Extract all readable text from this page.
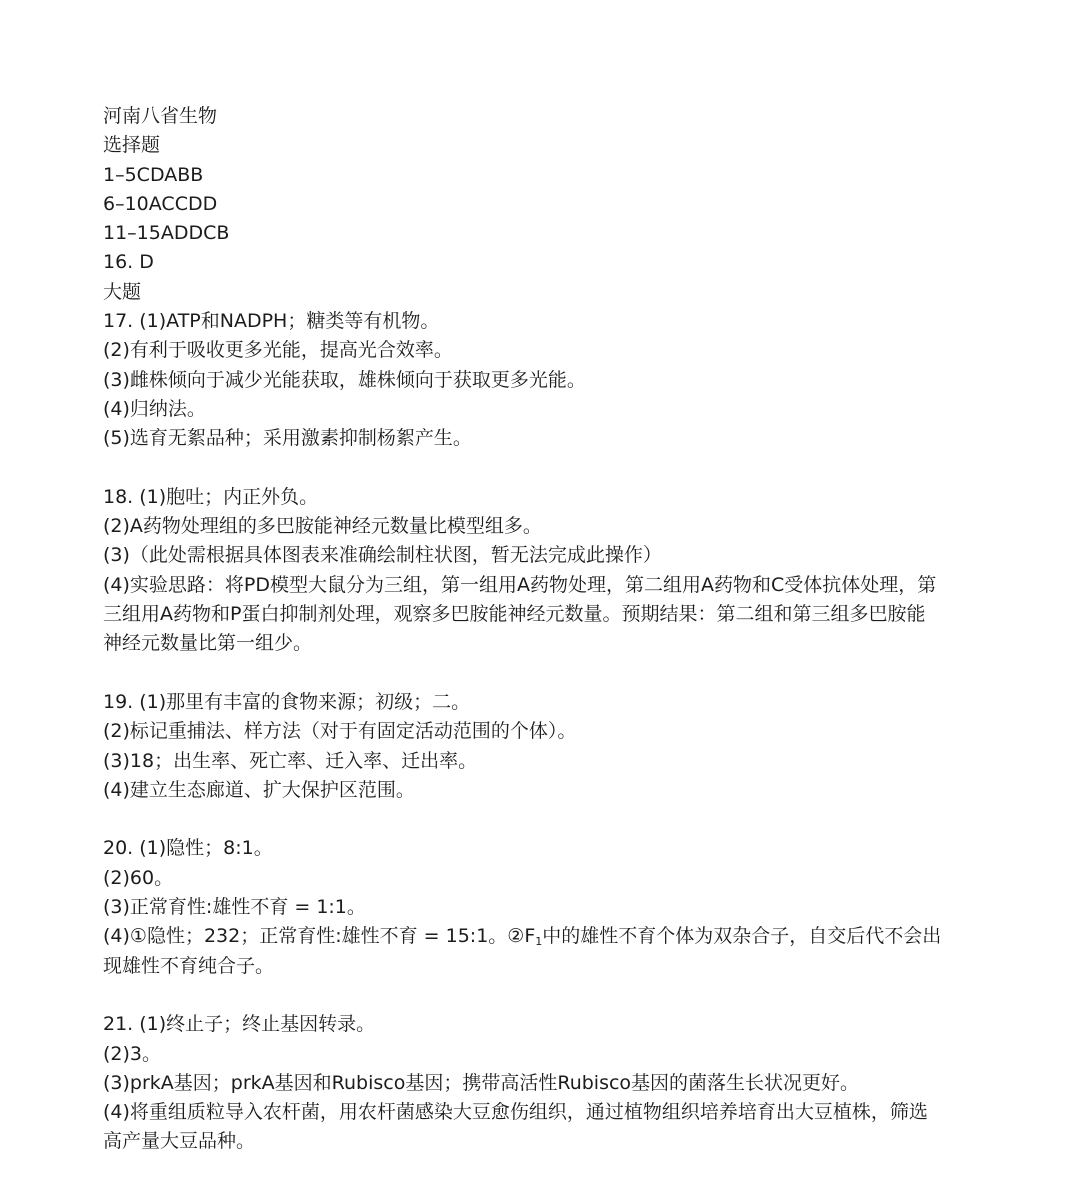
河南八省生物
选择题
1–5CDABB
6–10ACCDD
11–15ADDCB
16. D
大题
17. (1)ATP和NADPH；糖类等有机物。
(2)有利于吸收更多光能，提高光合效率。
(3)雌株倾向于减少光能获取，雄株倾向于获取更多光能。
(4)归纳法。
(5)选育无絮品种；采用激素抑制杨絮产生。
18. (1)胞吐；内正外负。
(2)A药物处理组的多巴胺能神经元数量比模型组多。
(3)（此处需根据具体图表来准确绘制柱状图，暂无法完成此操作）
(4)实验思路：将PD模型大鼠分为三组，第一组用A药物处理，第二组用A药物和C受体抗体处理，第
三组用A药物和P蛋白抑制剂处理，观察多巴胺能神经元数量。预期结果：第二组和第三组多巴胺能
神经元数量比第一组少。
19. (1)那里有丰富的食物来源；初级；二。
(2)标记重捕法、样方法（对于有固定活动范围的个体）。
(3)18；出生率、死亡率、迁入率、迁出率。
(4)建立生态廊道、扩大保护区范围。
20. (1)隐性；8:1。
(2)60。
(3)正常育性:雄性不育 = 1:1。
(4)①隐性；232；正常育性:雄性不育 = 15:1。$②F_1$中的雄性不育个体为双杂合子，自交后代不会出
现雄性不育纯合子。
21. (1)终止子；终止基因转录。
(2)3。
(3)prkA基因；prkA基因和Rubisco基因；携带高活性Rubisco基因的菌落生长状况更好。
(4)将重组质粒导入农杆菌，用农杆菌感染大豆愈伤组织，通过植物组织培养培育出大豆植株，筛选
高产量大豆品种。
